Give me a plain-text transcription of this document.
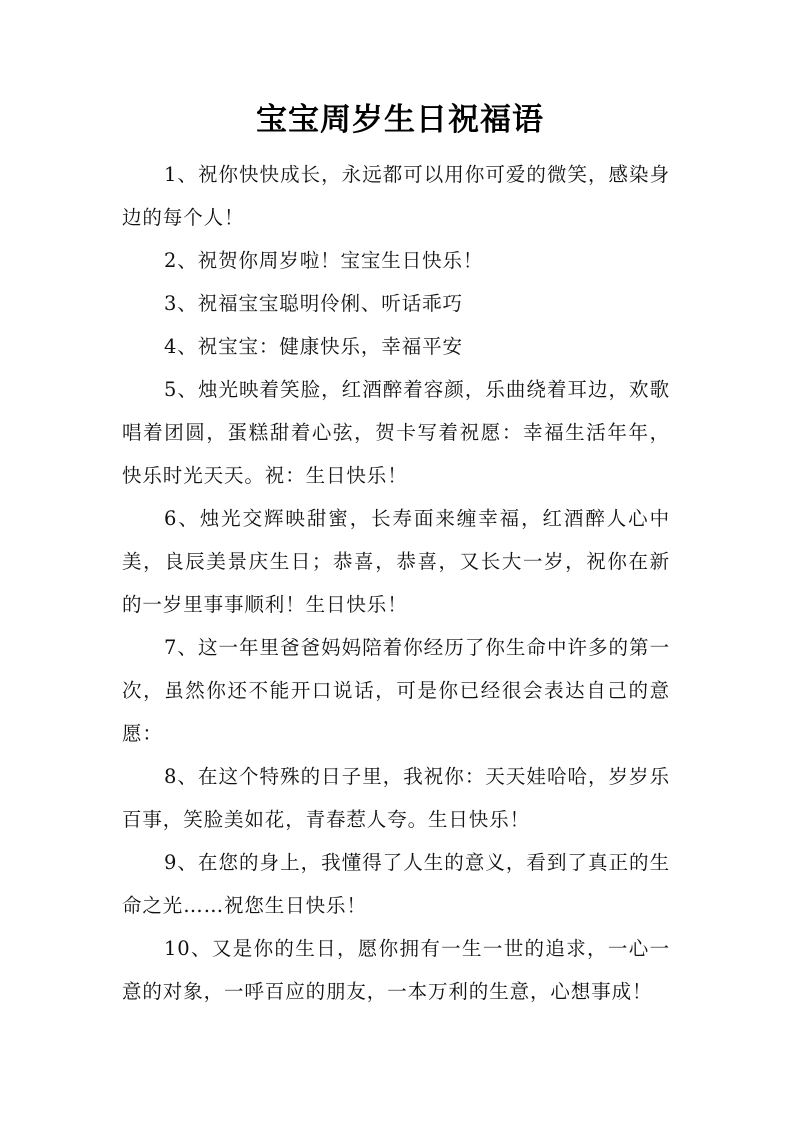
宝宝周岁生日祝福语

1、祝你快快成长，永远都可以用你可爱的微笑，感染身边的每个人！

2、祝贺你周岁啦！宝宝生日快乐！

3、祝福宝宝聪明伶俐、听话乖巧

4、祝宝宝：健康快乐，幸福平安

5、烛光映着笑脸，红酒醉着容颜，乐曲绕着耳边，欢歌唱着团圆，蛋糕甜着心弦，贺卡写着祝愿：幸福生活年年，快乐时光天天。祝：生日快乐！

6、烛光交辉映甜蜜，长寿面来缠幸福，红酒醉人心中美，良辰美景庆生日；恭喜，恭喜，又长大一岁，祝你在新的一岁里事事顺利！生日快乐！

7、这一年里爸爸妈妈陪着你经历了你生命中许多的第一次，虽然你还不能开口说话，可是你已经很会表达自己的意愿：

8、在这个特殊的日子里，我祝你：天天娃哈哈，岁岁乐百事，笑脸美如花，青春惹人夸。生日快乐！

9、在您的身上，我懂得了人生的意义，看到了真正的生命之光……祝您生日快乐！

10、又是你的生日，愿你拥有一生一世的追求，一心一意的对象，一呼百应的朋友，一本万利的生意，心想事成！
